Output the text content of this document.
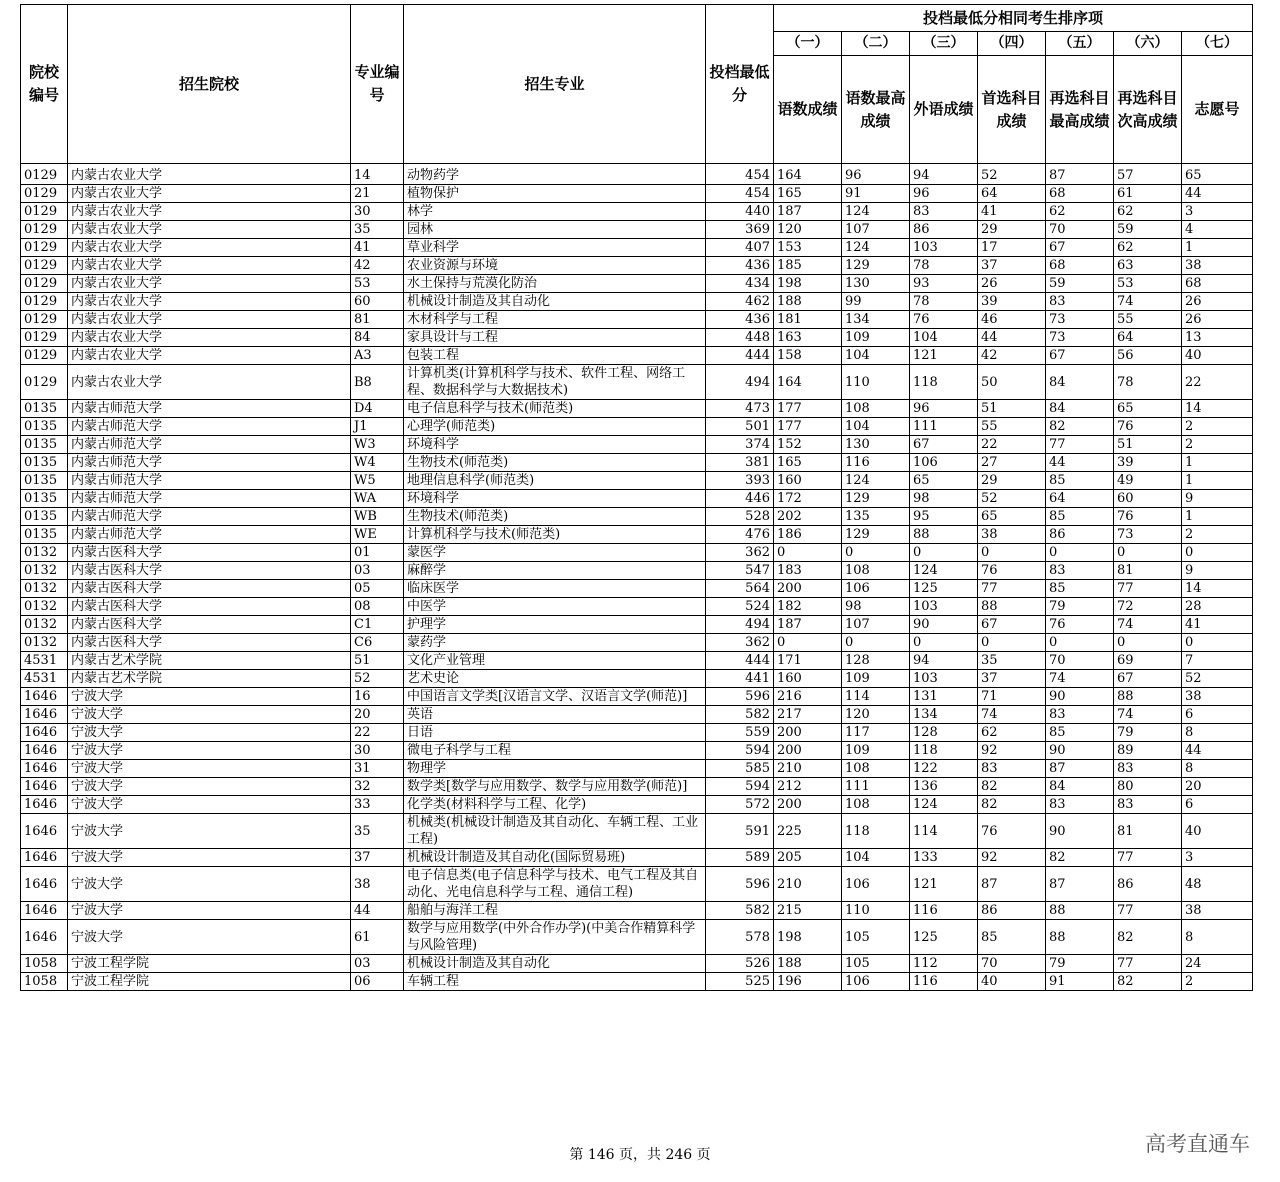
院校编号	招生院校	专业编号	招生专业	投档最低分	投档最低分相同考生排序项						
					（一）	（二）	（三）	（四）	（五）	（六）	（七）
					语数成绩	语数最高成绩	外语成绩	首选科目成绩	再选科目最高成绩	再选科目次高成绩	志愿号
0129	内蒙古农业大学	14	动物药学	454	164	96	94	52	87	57	65
0129	内蒙古农业大学	21	植物保护	454	165	91	96	64	68	61	44
0129	内蒙古农业大学	30	林学	440	187	124	83	41	62	62	3
0129	内蒙古农业大学	35	园林	369	120	107	86	29	70	59	4
0129	内蒙古农业大学	41	草业科学	407	153	124	103	17	67	62	1
0129	内蒙古农业大学	42	农业资源与环境	436	185	129	78	37	68	63	38
0129	内蒙古农业大学	53	水土保持与荒漠化防治	434	198	130	93	26	59	53	68
0129	内蒙古农业大学	60	机械设计制造及其自动化	462	188	99	78	39	83	74	26
0129	内蒙古农业大学	81	木材科学与工程	436	181	134	76	46	73	55	26
0129	内蒙古农业大学	84	家具设计与工程	448	163	109	104	44	73	64	13
0129	内蒙古农业大学	A3	包装工程	444	158	104	121	42	67	56	40
0129	内蒙古农业大学	B8	计算机类(计算机科学与技术、软件工程、网络工程、数据科学与大数据技术)	494	164	110	118	50	84	78	22
0135	内蒙古师范大学	D4	电子信息科学与技术(师范类)	473	177	108	96	51	84	65	14
0135	内蒙古师范大学	J1	心理学(师范类)	501	177	104	111	55	82	76	2
0135	内蒙古师范大学	W3	环境科学	374	152	130	67	22	77	51	2
0135	内蒙古师范大学	W4	生物技术(师范类)	381	165	116	106	27	44	39	1
0135	内蒙古师范大学	W5	地理信息科学(师范类)	393	160	124	65	29	85	49	1
0135	内蒙古师范大学	WA	环境科学	446	172	129	98	52	64	60	9
0135	内蒙古师范大学	WB	生物技术(师范类)	528	202	135	95	65	85	76	1
0135	内蒙古师范大学	WE	计算机科学与技术(师范类)	476	186	129	88	38	86	73	2
0132	内蒙古医科大学	01	蒙医学	362	0	0	0	0	0	0	0
0132	内蒙古医科大学	03	麻醉学	547	183	108	124	76	83	81	9
0132	内蒙古医科大学	05	临床医学	564	200	106	125	77	85	77	14
0132	内蒙古医科大学	08	中医学	524	182	98	103	88	79	72	28
0132	内蒙古医科大学	C1	护理学	494	187	107	90	67	76	74	41
0132	内蒙古医科大学	C6	蒙药学	362	0	0	0	0	0	0	0
4531	内蒙古艺术学院	51	文化产业管理	444	171	128	94	35	70	69	7
4531	内蒙古艺术学院	52	艺术史论	441	160	109	103	37	74	67	52
1646	宁波大学	16	中国语言文学类[汉语言文学、汉语言文学(师范)]	596	216	114	131	71	90	88	38
1646	宁波大学	20	英语	582	217	120	134	74	83	74	6
1646	宁波大学	22	日语	559	200	117	128	62	85	79	8
1646	宁波大学	30	微电子科学与工程	594	200	109	118	92	90	89	44
1646	宁波大学	31	物理学	585	210	108	122	83	87	83	8
1646	宁波大学	32	数学类[数学与应用数学、数学与应用数学(师范)]	594	212	111	136	82	84	80	20
1646	宁波大学	33	化学类(材料科学与工程、化学)	572	200	108	124	82	83	83	6
1646	宁波大学	35	机械类(机械设计制造及其自动化、车辆工程、工业工程)	591	225	118	114	76	90	81	40
1646	宁波大学	37	机械设计制造及其自动化(国际贸易班)	589	205	104	133	92	82	77	3
1646	宁波大学	38	电子信息类(电子信息科学与技术、电气工程及其自动化、光电信息科学与工程、通信工程)	596	210	106	121	87	87	86	48
1646	宁波大学	44	船舶与海洋工程	582	215	110	116	86	88	77	38
1646	宁波大学	61	数学与应用数学(中外合作办学)(中美合作精算科学与风险管理)	578	198	105	125	85	88	82	8
1058	宁波工程学院	03	机械设计制造及其自动化	526	188	105	112	70	79	77	24
1058	宁波工程学院	06	车辆工程	525	196	106	116	40	91	82	2
第 146 页，共 246 页	高考直通车
